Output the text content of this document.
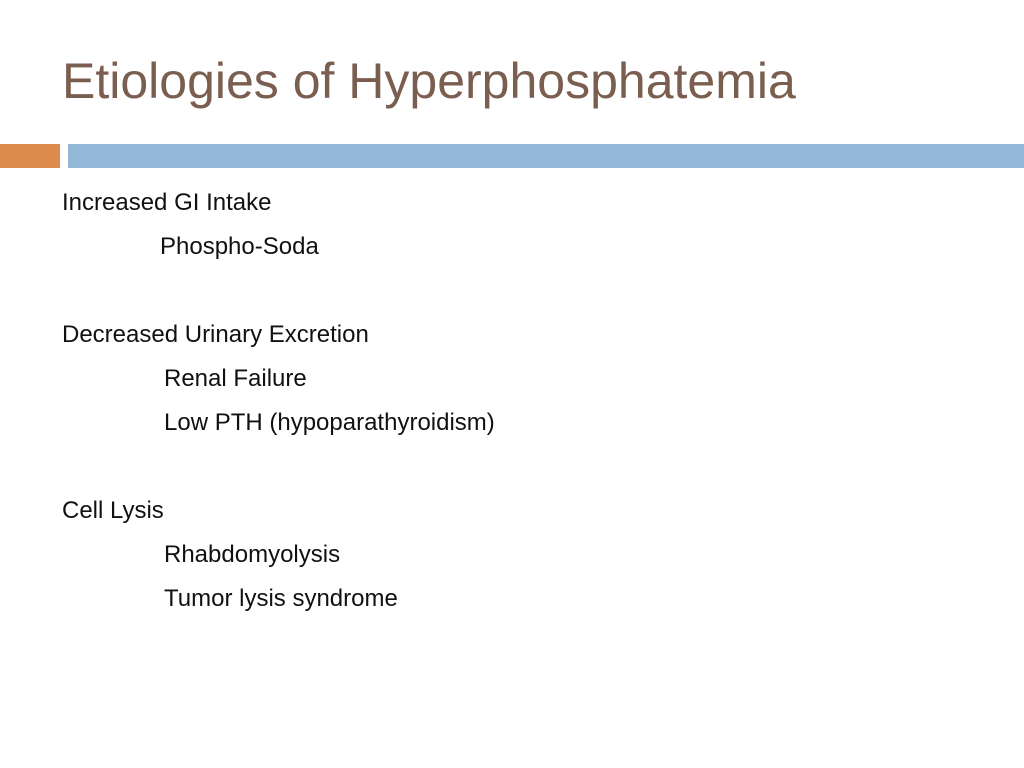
Etiologies of Hyperphosphatemia

Increased GI Intake

Phospho-Soda

Decreased Urinary Excretion

Renal Failure

Low PTH (hypoparathyroidism)

Cell Lysis

Rhabdomyolysis

Tumor lysis syndrome
